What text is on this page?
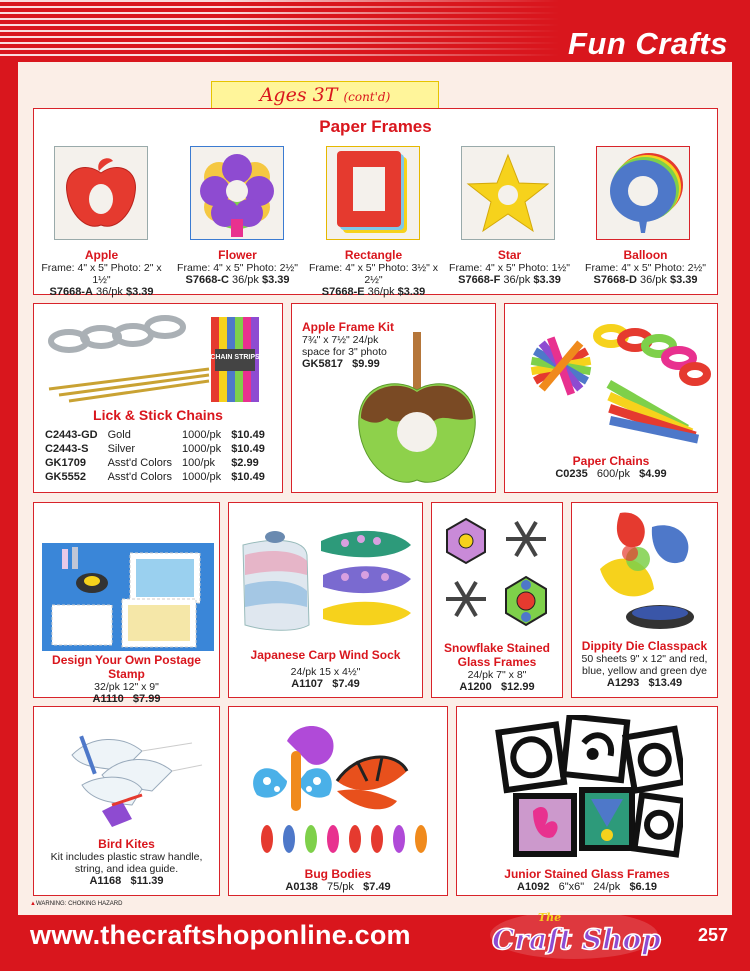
Fun Crafts
Ages 3T (cont'd)
Paper Frames
Apple
Frame: 4" x 5" Photo: 2" x 1½"
S7668-A 36/pk $3.39
Flower
Frame: 4" x 5" Photo: 2½"
S7668-C 36/pk $3.39
Rectangle
Frame: 4" x 5" Photo: 3½" x 2½"
S7668-E 36/pk $3.39
Star
Frame: 4" x 5" Photo: 1½"
S7668-F 36/pk $3.39
Balloon
Frame: 4" x 5" Photo: 2½"
S7668-D 36/pk $3.39
CHAIN STRIPS
Lick & Stick Chains
C2443-GD	Gold	1000/pk	$10.49
C2443-S	Silver	1000/pk	$10.49
GK1709	Asst'd Colors	100/pk	$2.99
GK5552	Asst'd Colors	1000/pk	$10.49
Apple Frame Kit
7¾" x 7½" 24/pk
space for 3" photo
GK5817 $9.99
Paper Chains
C0235 600/pk $4.99
Design Your Own Postage Stamp
32/pk 12" x 9"
A1110 $7.99
Japanese Carp Wind Sock
24/pk 15 x 4½"
A1107 $7.49
Snowflake Stained Glass Frames
24/pk 7" x 8"
A1200 $12.99
Dippity Die Classpack
50 sheets 9" x 12" and red, blue, yellow and green dye
A1293 $13.49
Bird Kites
Kit includes plastic straw handle, string, and idea guide.
A1168 $11.39	Bug Bodies
A0138 75/pk $7.49
Junior Stained Glass Frames
A1092 6"x6" 24/pk $6.19
▲WARNING: CHOKING HAZARD
www.thecraftshoponline.com
The
Craft Shop 257
